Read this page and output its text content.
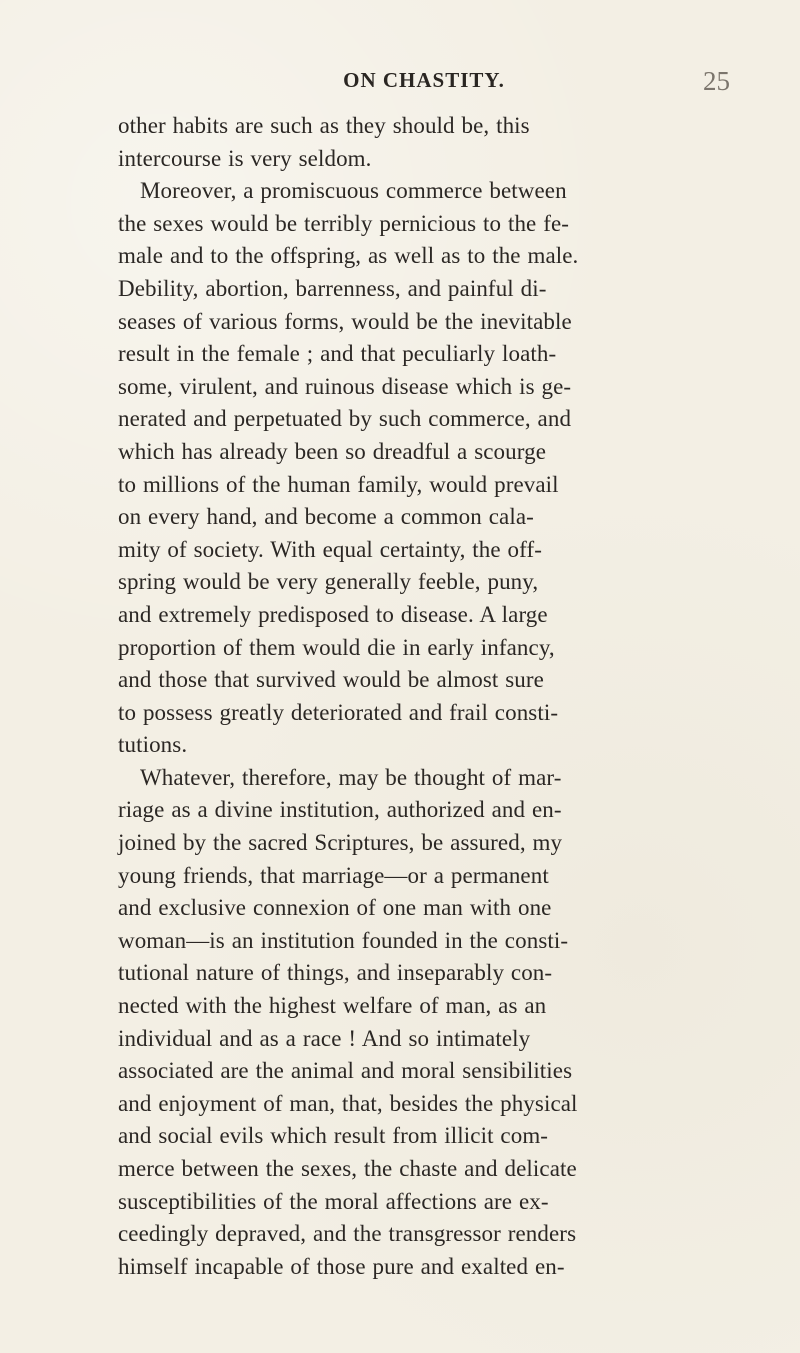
ON CHASTITY.	25
other habits are such as they should be, this
intercourse is very seldom.
Moreover, a promiscuous commerce between
the sexes would be terribly pernicious to the fe-
male and to the offspring, as well as to the male.
Debility, abortion, barrenness, and painful di-
seases of various forms, would be the inevitable
result in the female ; and that peculiarly loath-
some, virulent, and ruinous disease which is ge-
nerated and perpetuated by such commerce, and
which has already been so dreadful a scourge
to millions of the human family, would prevail
on every hand, and become a common cala-
mity of society. With equal certainty, the off-
spring would be very generally feeble, puny,
and extremely predisposed to disease. A large
proportion of them would die in early infancy,
and those that survived would be almost sure
to possess greatly deteriorated and frail consti-
tutions.
Whatever, therefore, may be thought of mar-
riage as a divine institution, authorized and en-
joined by the sacred Scriptures, be assured, my
young friends, that marriage—or a permanent
and exclusive connexion of one man with one
woman—is an institution founded in the consti-
tutional nature of things, and inseparably con-
nected with the highest welfare of man, as an
individual and as a race ! And so intimately
associated are the animal and moral sensibilities
and enjoyment of man, that, besides the physical
and social evils which result from illicit com-
merce between the sexes, the chaste and delicate
susceptibilities of the moral affections are ex-
ceedingly depraved, and the transgressor renders
himself incapable of those pure and exalted en-
